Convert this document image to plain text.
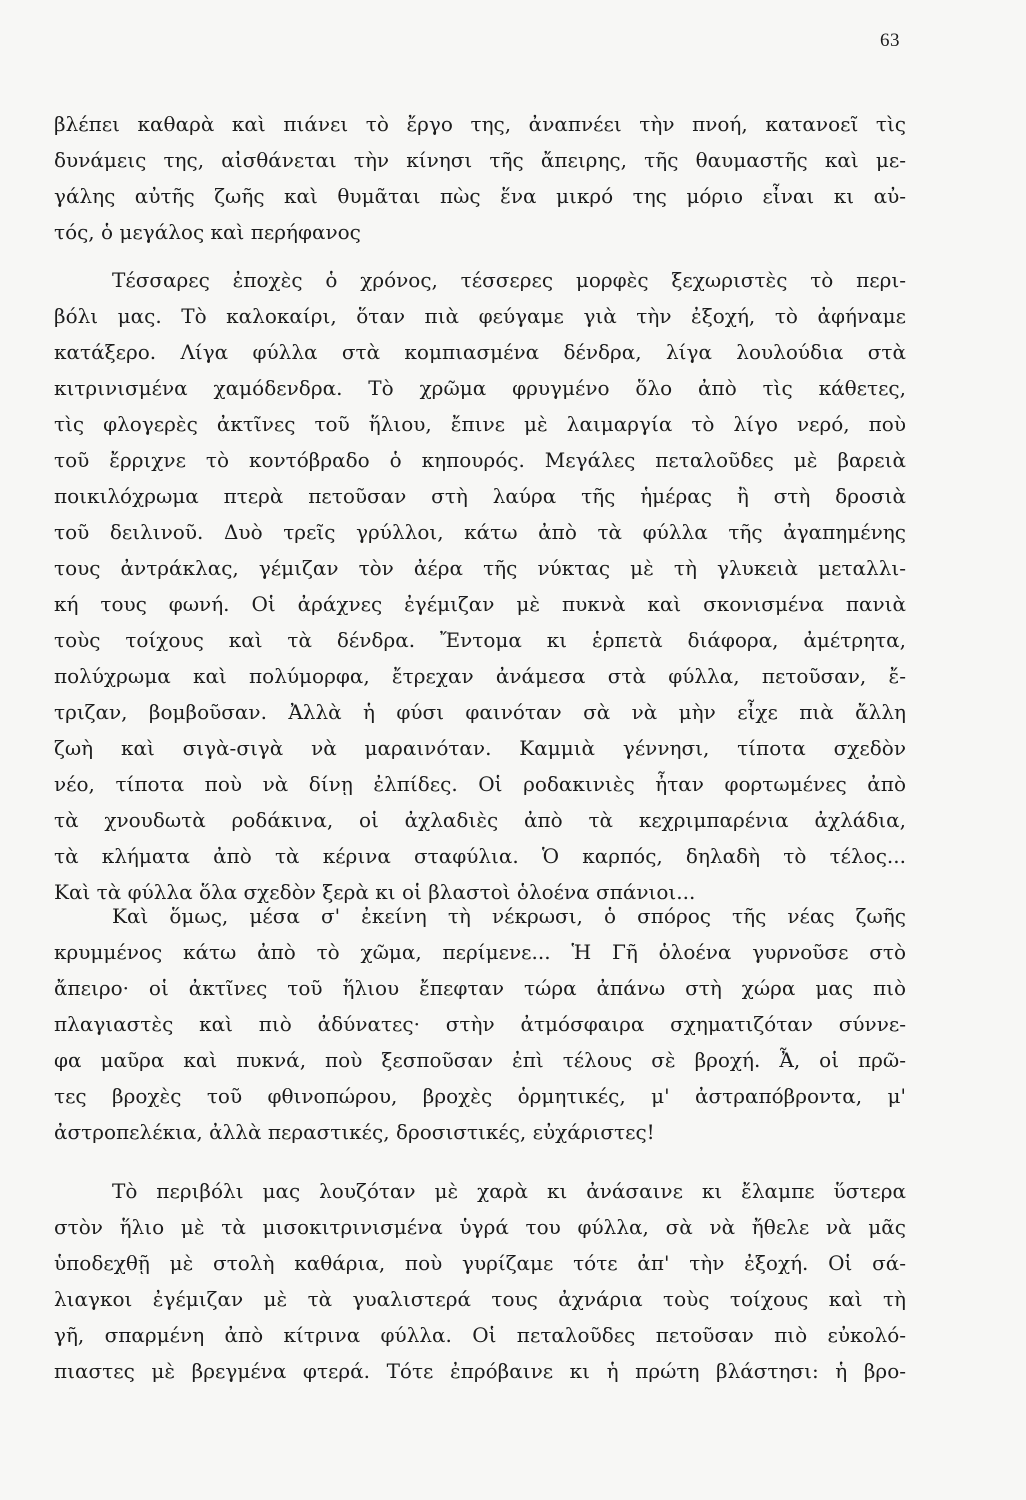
63
βλέπει καθαρὰ καὶ πιάνει τὸ ἔργο της, ἀναπνέει τὴν πνοή, κατανοεῖ τὶς
δυνάμεις της, αἰσθάνεται τὴν κίνησι τῆς ἄπειρης, τῆς θαυμαστῆς καὶ με-
γάλης αὐτῆς ζωῆς καὶ θυμᾶται πὼς ἕνα μικρό της μόριο εἶναι κι αὐ-
τός, ὁ μεγάλος καὶ περήφανος
Τέσσαρες ἐποχὲς ὁ χρόνος, τέσσερες μορφὲς ξεχωριστὲς τὸ περι-
βόλι μας. Τὸ καλοκαίρι, ὅταν πιὰ φεύγαμε γιὰ τὴν ἐξοχή, τὸ ἀφήναμε
κατάξερο. Λίγα φύλλα στὰ κομπιασμένα δένδρα, λίγα λουλούδια στὰ
κιτρινισμένα χαμόδενδρα. Τὸ χρῶμα φρυγμένο ὅλο ἀπὸ τὶς κάθετες,
τὶς φλογερὲς ἀκτῖνες τοῦ ἥλιου, ἔπινε μὲ λαιμαργία τὸ λίγο νερό, ποὺ
τοῦ ἔρριχνε τὸ κοντόβραδο ὁ κηπουρός. Μεγάλες πεταλοῦδες μὲ βαρειὰ
ποικιλόχρωμα πτερὰ πετοῦσαν στὴ λαύρα τῆς ἡμέρας ἢ στὴ δροσιὰ
τοῦ δειλινοῦ. Δυὸ τρεῖς γρύλλοι, κάτω ἀπὸ τὰ φύλλα τῆς ἀγαπημένης
τους ἀντράκλας, γέμιζαν τὸν ἀέρα τῆς νύκτας μὲ τὴ γλυκειὰ μεταλλι-
κή τους φωνή. Οἱ ἀράχνες ἐγέμιζαν μὲ πυκνὰ καὶ σκονισμένα πανιὰ
τοὺς τοίχους καὶ τὰ δένδρα. Ἔντομα κι ἑρπετὰ διάφορα, ἀμέτρητα,
πολύχρωμα καὶ πολύμορφα, ἔτρεχαν ἀνάμεσα στὰ φύλλα, πετοῦσαν, ἔ-
τριζαν, βομβοῦσαν. Ἀλλὰ ἡ φύσι φαινόταν σὰ νὰ μὴν εἶχε πιὰ ἄλλη
ζωὴ καὶ σιγὰ-σιγὰ νὰ μαραινόταν. Καμμιὰ γέννησι, τίποτα σχεδὸν
νέο, τίποτα ποὺ νὰ δίνῃ ἐλπίδες. Οἱ ροδακινιὲς ἦταν φορτωμένες ἀπὸ
τὰ χνουδωτὰ ροδάκινα, οἱ ἀχλαδιὲς ἀπὸ τὰ κεχριμπαρένια ἀχλάδια,
τὰ κλήματα ἀπὸ τὰ κέρινα σταφύλια. Ὁ καρπός, δηλαδὴ τὸ τέλος...
Καὶ τὰ φύλλα ὅλα σχεδὸν ξερὰ κι οἱ βλαστοὶ ὁλοένα σπάνιοι...
Καὶ ὅμως, μέσα σ' ἐκείνη τὴ νέκρωσι, ὁ σπόρος τῆς νέας ζωῆς
κρυμμένος κάτω ἀπὸ τὸ χῶμα, περίμενε... Ἡ Γῆ ὁλοένα γυρνοῦσε στὸ
ἄπειρο· οἱ ἀκτῖνες τοῦ ἥλιου ἔπεφταν τώρα ἀπάνω στὴ χώρα μας πιὸ
πλαγιαστὲς καὶ πιὸ ἀδύνατες· στὴν ἀτμόσφαιρα σχηματιζόταν σύννε-
φα μαῦρα καὶ πυκνά, ποὺ ξεσποῦσαν ἐπὶ τέλους σὲ βροχή. Ἆ, οἱ πρῶ-
τες βροχὲς τοῦ φθινοπώρου, βροχὲς ὁρμητικές, μ' ἀστραπόβροντα, μ'
ἀστροπελέκια, ἀλλὰ περαστικές, δροσιστικές, εὐχάριστες!
Τὸ περιβόλι μας λουζόταν μὲ χαρὰ κι ἀνάσαινε κι ἔλαμπε ὕστερα
στὸν ἥλιο μὲ τὰ μισοκιτρινισμένα ὑγρά του φύλλα, σὰ νὰ ἤθελε νὰ μᾶς
ὑποδεχθῇ μὲ στολὴ καθάρια, ποὺ γυρίζαμε τότε ἀπ' τὴν ἐξοχή. Οἱ σά-
λιαγκοι ἐγέμιζαν μὲ τὰ γυαλιστερά τους ἀχνάρια τοὺς τοίχους καὶ τὴ
γῆ, σπαρμένη ἀπὸ κίτρινα φύλλα. Οἱ πεταλοῦδες πετοῦσαν πιὸ εὐκολό-
πιαστες μὲ βρεγμένα φτερά. Τότε ἐπρόβαινε κι ἡ πρώτη βλάστησι: ἡ βρο-
